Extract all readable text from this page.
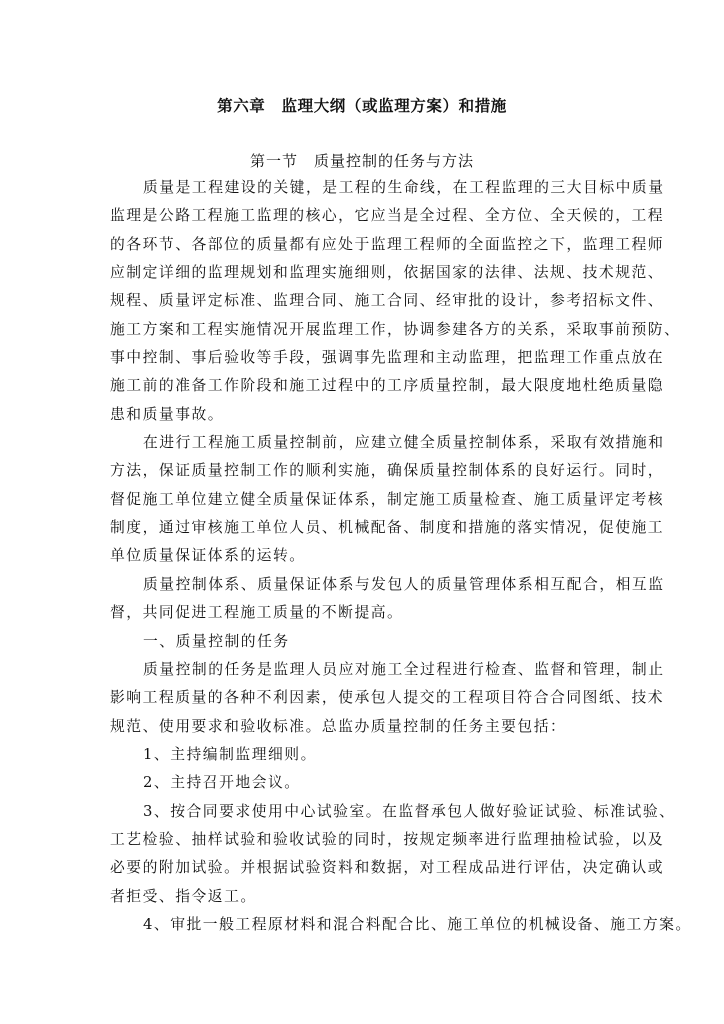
第六章　监理大纲（或监理方案）和措施
第一节　质量控制的任务与方法
质量是工程建设的关键，是工程的生命线，在工程监理的三大目标中质量
监理是公路工程施工监理的核心，它应当是全过程、全方位、全天候的，工程
的各环节、各部位的质量都有应处于监理工程师的全面监控之下，监理工程师
应制定详细的监理规划和监理实施细则，依据国家的法律、法规、技术规范、
规程、质量评定标准、监理合同、施工合同、经审批的设计，参考招标文件、
施工方案和工程实施情况开展监理工作，协调参建各方的关系，采取事前预防、
事中控制、事后验收等手段，强调事先监理和主动监理，把监理工作重点放在
施工前的准备工作阶段和施工过程中的工序质量控制，最大限度地杜绝质量隐
患和质量事故。
在进行工程施工质量控制前，应建立健全质量控制体系，采取有效措施和
方法，保证质量控制工作的顺利实施，确保质量控制体系的良好运行。同时，
督促施工单位建立健全质量保证体系，制定施工质量检查、施工质量评定考核
制度，通过审核施工单位人员、机械配备、制度和措施的落实情况，促使施工
单位质量保证体系的运转。
质量控制体系、质量保证体系与发包人的质量管理体系相互配合，相互监
督，共同促进工程施工质量的不断提高。
一、质量控制的任务
质量控制的任务是监理人员应对施工全过程进行检查、监督和管理，制止
影响工程质量的各种不利因素，使承包人提交的工程项目符合合同图纸、技术
规范、使用要求和验收标准。总监办质量控制的任务主要包括：
1、主持编制监理细则。
2、主持召开地会议。
3、按合同要求使用中心试验室。在监督承包人做好验证试验、标准试验、
工艺检验、抽样试验和验收试验的同时，按规定频率进行监理抽检试验，以及
必要的附加试验。并根据试验资料和数据，对工程成品进行评估，决定确认或
者拒受、指令返工。
4、审批一般工程原材料和混合料配合比、施工单位的机械设备、施工方案。
